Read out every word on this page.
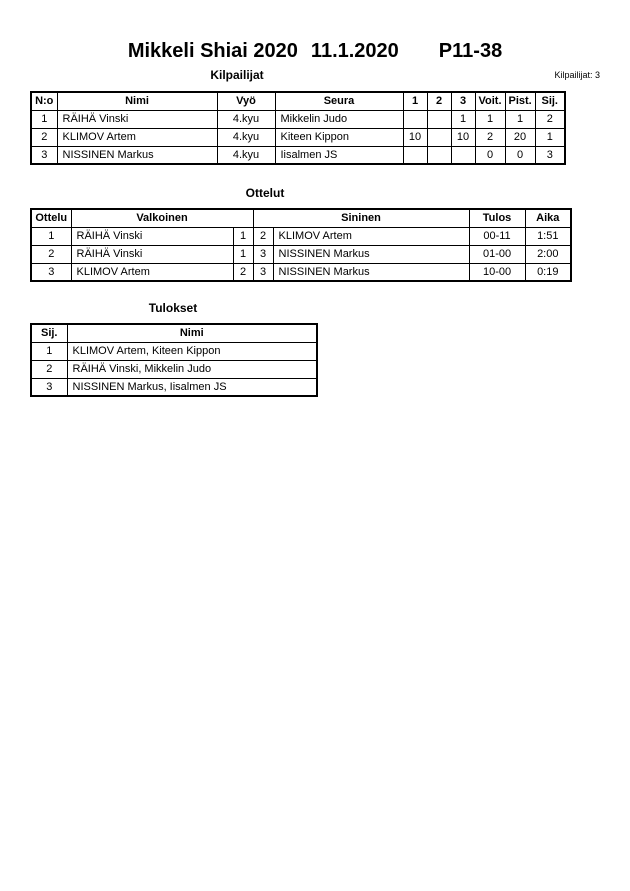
Mikkeli Shiai 2020 11.1.2020 P11-38
Kilpailijat	Kilpailijat: 3
N:o	Nimi	Vyö	Seura	1	2	3	Voit.	Pist.	Sij.
1	RÄIHÄ Vinski	4.kyu	Mikkelin Judo			1	1	1	2
2	KLIMOV Artem	4.kyu	Kiteen Kippon	10		10	2	20	1
3	NISSINEN Markus	4.kyu	Iisalmen JS				0	0	3
Ottelut
Ottelu	Valkoinen		Sininen		Tulos	Aika
1	RÄIHÄ Vinski	1	2	KLIMOV Artem	00-11	1:51
2	RÄIHÄ Vinski	1	3	NISSINEN Markus	01-00	2:00
3	KLIMOV Artem	2	3	NISSINEN Markus	10-00	0:19
Tulokset
Sij.	Nimi
1	KLIMOV Artem, Kiteen Kippon
2	RÄIHÄ Vinski, Mikkelin Judo
3	NISSINEN Markus, Iisalmen JS
